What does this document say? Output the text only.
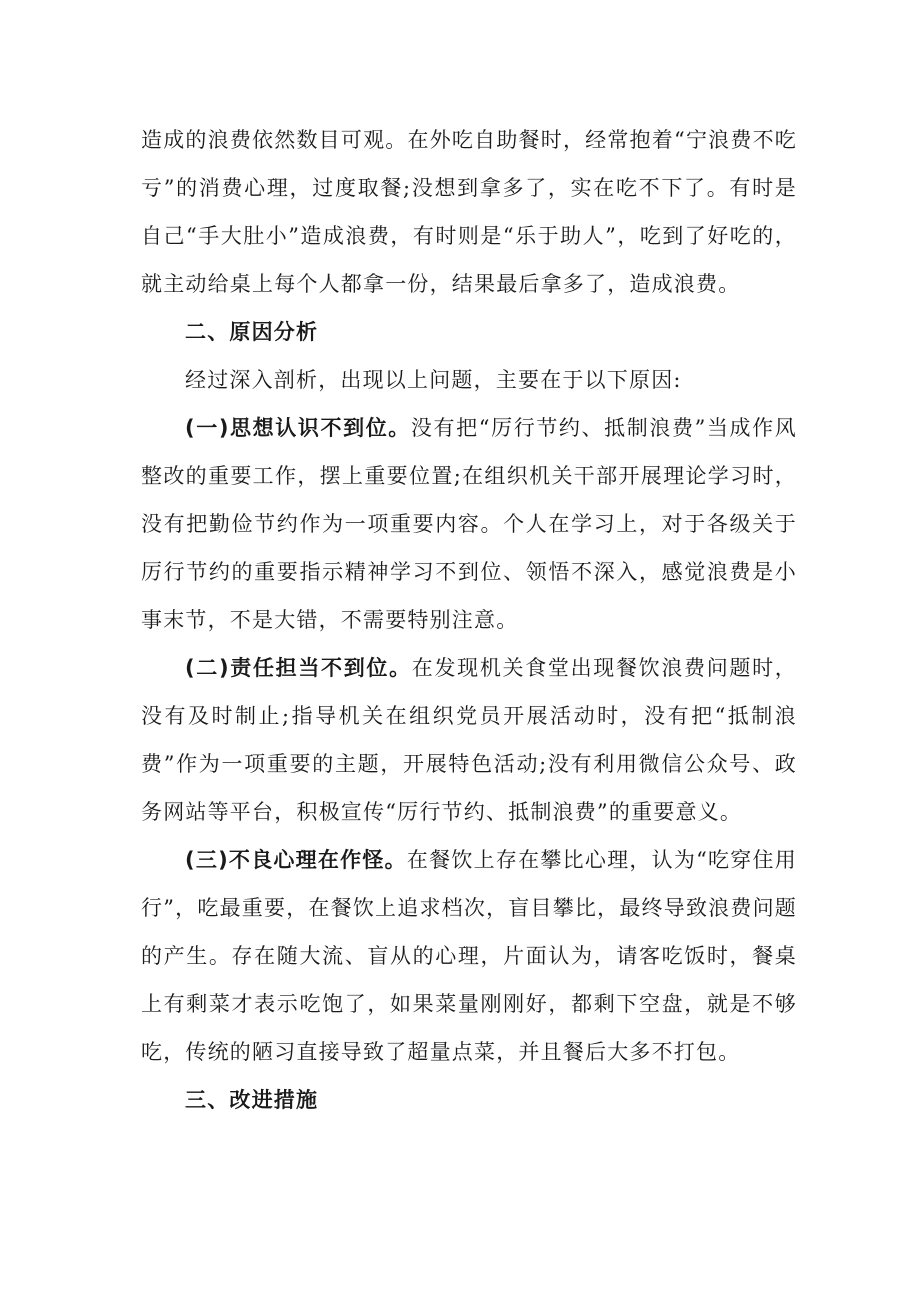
造成的浪费依然数目可观。在外吃自助餐时，经常抱着“宁浪费不吃亏”的消费心理，过度取餐;没想到拿多了，实在吃不下了。有时是自己“手大肚小”造成浪费，有时则是“乐于助人”，吃到了好吃的，就主动给桌上每个人都拿一份，结果最后拿多了，造成浪费。

二、原因分析

经过深入剖析，出现以上问题，主要在于以下原因:

(一)思想认识不到位。没有把“厉行节约、抵制浪费”当成作风整改的重要工作，摆上重要位置;在组织机关干部开展理论学习时，没有把勤俭节约作为一项重要内容。个人在学习上，对于各级关于厉行节约的重要指示精神学习不到位、领悟不深入，感觉浪费是小事末节，不是大错，不需要特别注意。

(二)责任担当不到位。在发现机关食堂出现餐饮浪费问题时，没有及时制止;指导机关在组织党员开展活动时，没有把“抵制浪费”作为一项重要的主题，开展特色活动;没有利用微信公众号、政务网站等平台，积极宣传“厉行节约、抵制浪费”的重要意义。

(三)不良心理在作怪。在餐饮上存在攀比心理，认为“吃穿住用行”，吃最重要，在餐饮上追求档次，盲目攀比，最终导致浪费问题的产生。存在随大流、盲从的心理，片面认为，请客吃饭时，餐桌上有剩菜才表示吃饱了，如果菜量刚刚好，都剩下空盘，就是不够吃，传统的陋习直接导致了超量点菜，并且餐后大多不打包。

三、改进措施
